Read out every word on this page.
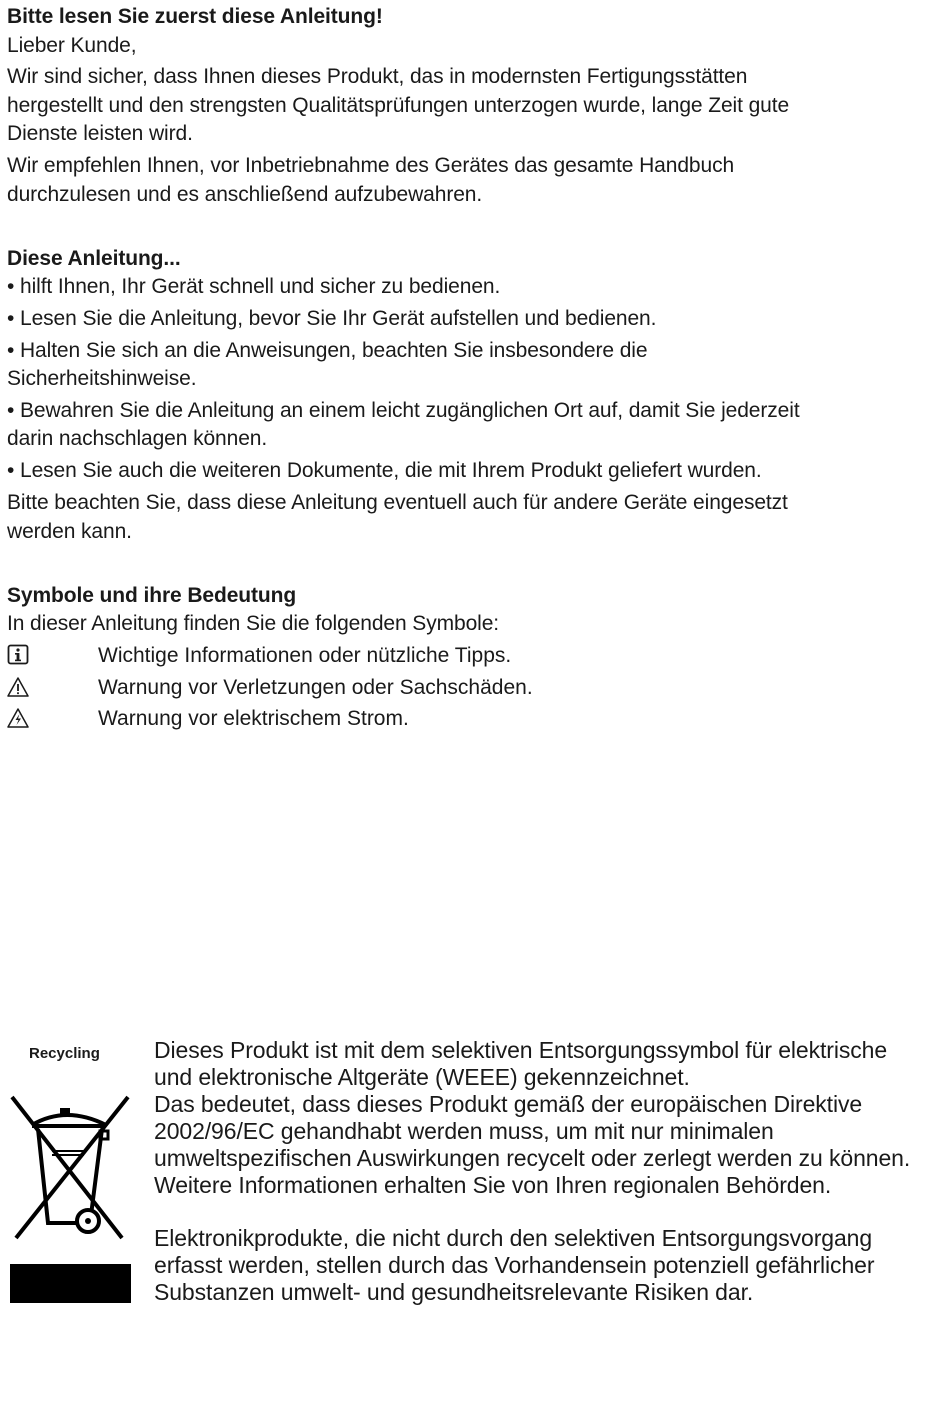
Bitte lesen Sie zuerst diese Anleitung!
Lieber Kunde,
Wir sind sicher, dass Ihnen dieses Produkt, das in modernsten Fertigungsstätten
hergestellt und den strengsten Qualitätsprüfungen unterzogen wurde, lange Zeit gute
Dienste leisten wird.
Wir empfehlen Ihnen, vor Inbetriebnahme des Gerätes das gesamte Handbuch
durchzulesen und es anschließend aufzubewahren.
Diese Anleitung...
• hilft Ihnen, Ihr Gerät schnell und sicher zu bedienen.
• Lesen Sie die Anleitung, bevor Sie Ihr Gerät aufstellen und bedienen.
• Halten Sie sich an die Anweisungen, beachten Sie insbesondere die
Sicherheitshinweise.
• Bewahren Sie die Anleitung an einem leicht zugänglichen Ort auf, damit Sie jederzeit
darin nachschlagen können.
• Lesen Sie auch die weiteren Dokumente, die mit Ihrem Produkt geliefert wurden.
Bitte beachten Sie, dass diese Anleitung eventuell auch für andere Geräte eingesetzt
werden kann.
Symbole und ihre Bedeutung
In dieser Anleitung finden Sie die folgenden Symbole:
Wichtige Informationen oder nützliche Tipps.
Warnung vor Verletzungen oder Sachschäden.
Warnung vor elektrischem Strom.
Recycling Dieses Produkt ist mit dem selektiven Entsorgungssymbol für elektrische
und elektronische Altgeräte (WEEE) gekennzeichnet.
Das bedeutet, dass dieses Produkt gemäß der europäischen Direktive
2002/96/EC gehandhabt werden muss, um mit nur minimalen
umweltspezifischen Auswirkungen recycelt oder zerlegt werden zu können.
Weitere Informationen erhalten Sie von Ihren regionalen Behörden.
Elektronikprodukte, die nicht durch den selektiven Entsorgungsvorgang
erfasst werden, stellen durch das Vorhandensein potenziell gefährlicher
Substanzen umwelt- und gesundheitsrelevante Risiken dar.
